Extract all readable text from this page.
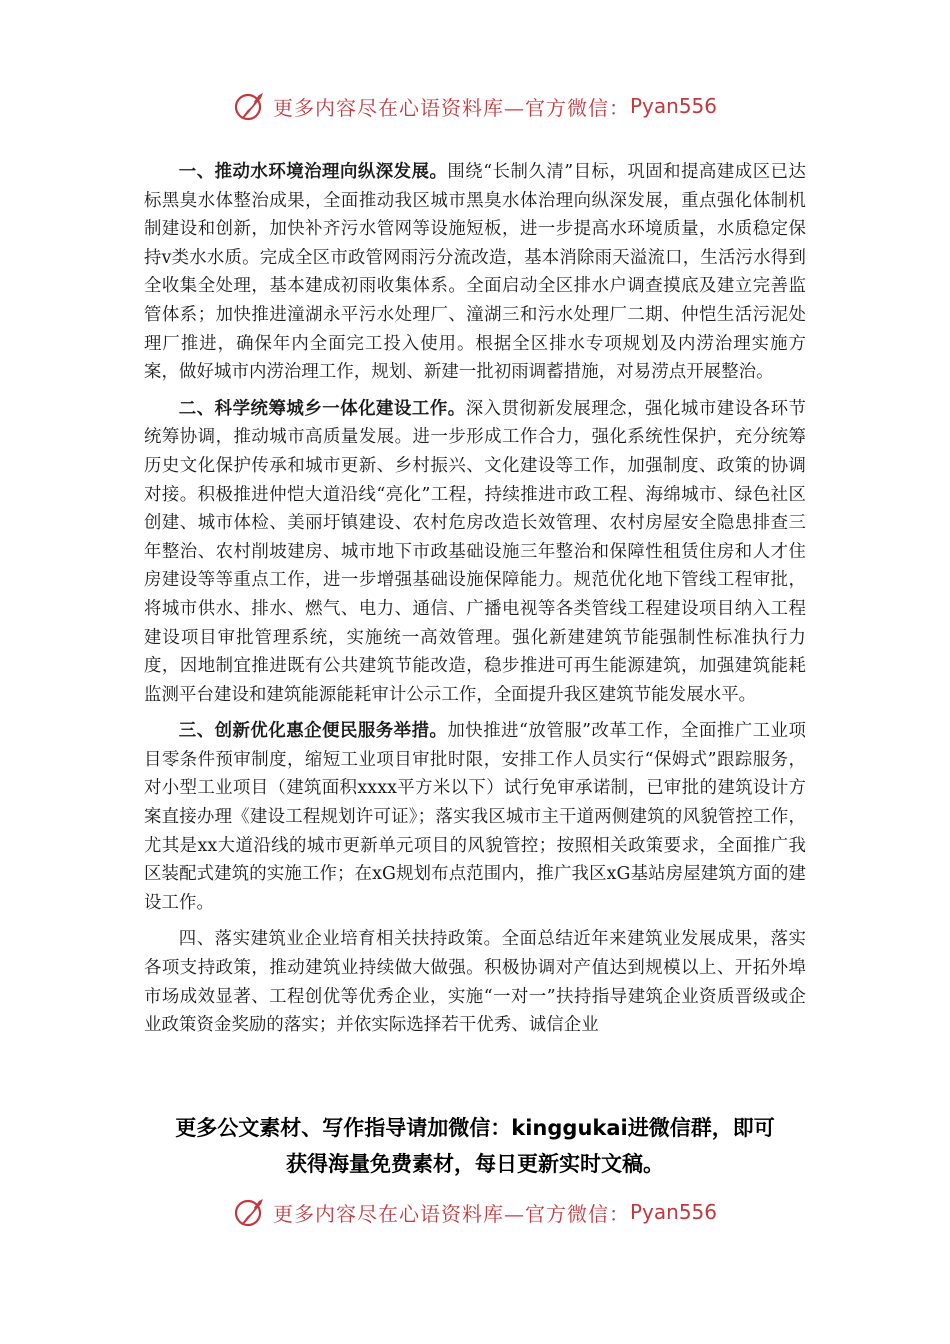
更多内容尽在心语资料库—官方微信： Pyan556

一、推动水环境治理向纵深发展。围绕“长制久清”目标，巩固和提高建成区已达标黑臭水体整治成果，全面推动我区城市黑臭水体治理向纵深发展，重点强化体制机制建设和创新，加快补齐污水管网等设施短板，进一步提高水环境质量，水质稳定保持ⅴ类水水质。完成全区市政管网雨污分流改造，基本消除雨天溢流口，生活污水得到全收集全处理，基本建成初雨收集体系。全面启动全区排水户调查摸底及建立完善监管体系；加快推进潼湖永平污水处理厂、潼湖三和污水处理厂二期、仲恺生活污泥处理厂推进，确保年内全面完工投入使用。根据全区排水专项规划及内涝治理实施方案，做好城市内涝治理工作，规划、新建一批初雨调蓄措施，对易涝点开展整治。

二、科学统筹城乡一体化建设工作。深入贯彻新发展理念，强化城市建设各环节统筹协调，推动城市高质量发展。进一步形成工作合力，强化系统性保护，充分统筹历史文化保护传承和城市更新、乡村振兴、文化建设等工作，加强制度、政策的协调对接。积极推进仲恺大道沿线“亮化”工程，持续推进市政工程、海绵城市、绿色社区创建、城市体检、美丽圩镇建设、农村危房改造长效管理、农村房屋安全隐患排查三年整治、农村削坡建房、城市地下市政基础设施三年整治和保障性租赁住房和人才住房建设等等重点工作，进一步增强基础设施保障能力。规范优化地下管线工程审批，将城市供水、排水、燃气、电力、通信、广播电视等各类管线工程建设项目纳入工程建设项目审批管理系统，实施统一高效管理。强化新建建筑节能强制性标准执行力度，因地制宜推进既有公共建筑节能改造，稳步推进可再生能源建筑，加强建筑能耗监测平台建设和建筑能源能耗审计公示工作，全面提升我区建筑节能发展水平。

三、创新优化惠企便民服务举措。加快推进“放管服”改革工作，全面推广工业项目零条件预审制度，缩短工业项目审批时限，安排工作人员实行“保姆式”跟踪服务，对小型工业项目（建筑面积xxxx平方米以下）试行免审承诺制，已审批的建筑设计方案直接办理《建设工程规划许可证》；落实我区城市主干道两侧建筑的风貌管控工作，尤其是xx大道沿线的城市更新单元项目的风貌管控；按照相关政策要求，全面推广我区装配式建筑的实施工作；在xG规划布点范围内，推广我区xG基站房屋建筑方面的建设工作。

四、落实建筑业企业培育相关扶持政策。全面总结近年来建筑业发展成果，落实各项支持政策，推动建筑业持续做大做强。积极协调对产值达到规模以上、开拓外埠市场成效显著、工程创优等优秀企业，实施“一对一”扶持指导建筑企业资质晋级或企业政策资金奖励的落实；并依实际选择若干优秀、诚信企业

更多公文素材、写作指导请加微信：kinggukai进微信群，即可
获得海量免费素材，每日更新实时文稿。
更多内容尽在心语资料库—官方微信： Pyan556
